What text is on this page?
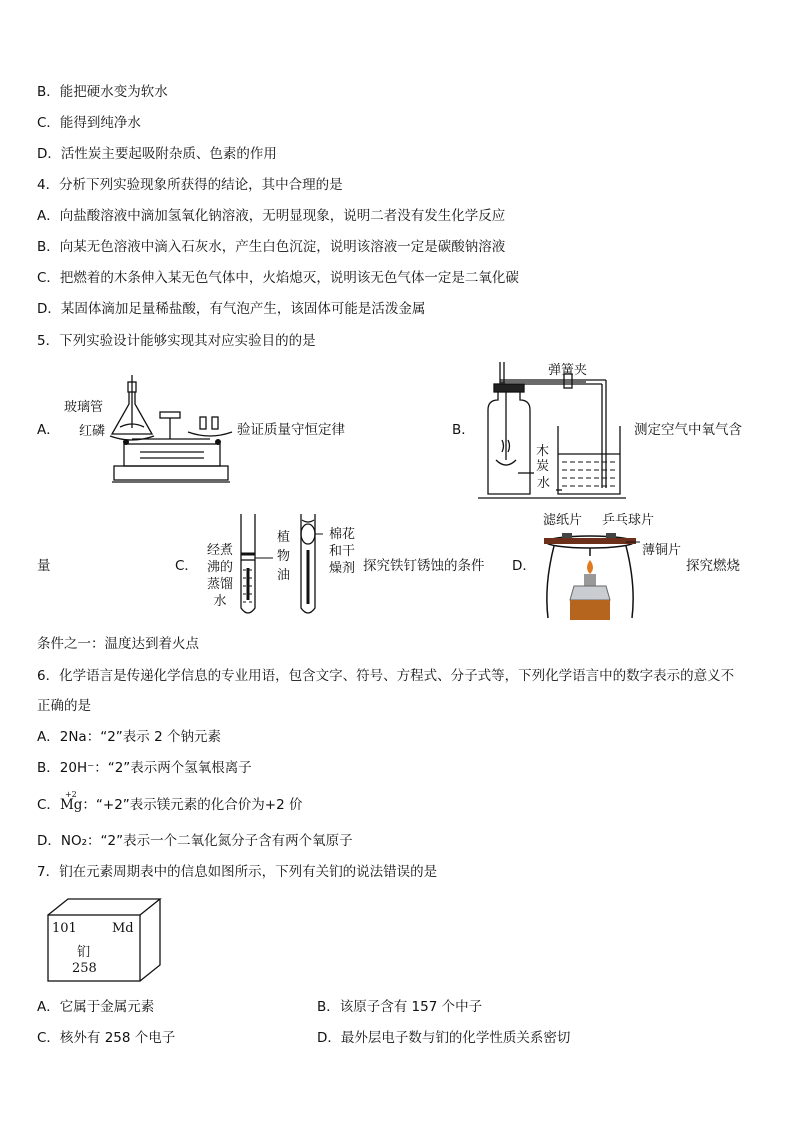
B．能把硬水变为软水
C．能得到纯净水
D．活性炭主要起吸附杂质、色素的作用
4．分析下列实验现象所获得的结论，其中合理的是
A．向盐酸溶液中滴加氢氧化钠溶液，无明显现象，说明二者没有发生化学反应
B．向某无色溶液中滴入石灰水，产生白色沉淀，说明该溶液一定是碳酸钠溶液
C．把燃着的木条伸入某无色气体中，火焰熄灭，说明该无色气体一定是二氧化碳
D．某固体滴加足量稀盐酸，有气泡产生，该固体可能是活泼金属
5．下列实验设计能够实现其对应实验目的的是
A．
玻璃管
红磷	验证质量守恒定律	B．
弹簧夹
木炭
水
测定空气中氧气含
量	C．
经煮沸的蒸馏水
植物油
棉花和干燥剂 探究铁钉锈蚀的条件 D．
滤纸片 乒乓球片
薄铜片
探究燃烧
条件之一：温度达到着火点
6．化学语言是传递化学信息的专业用语，包含文字、符号、方程式、分子式等，下列化学语言中的数字表示的意义不
正确的是
A．2Na：“2”表示 2 个钠元素
B．20H⁻：“2”表示两个氢氧根离子
C．
+2
Mg：“+2”表示镁元素的化合价为+2 价
D．NO₂：“2”表示一个二氧化氮分子含有两个氧原子
7．钔在元素周期表中的信息如图所示，下列有关钔的说法错误的是
101	Md
钔
258
A．它属于金属元素	B．该原子含有 157 个中子
C．核外有 258 个电子	D．最外层电子数与钔的化学性质关系密切
